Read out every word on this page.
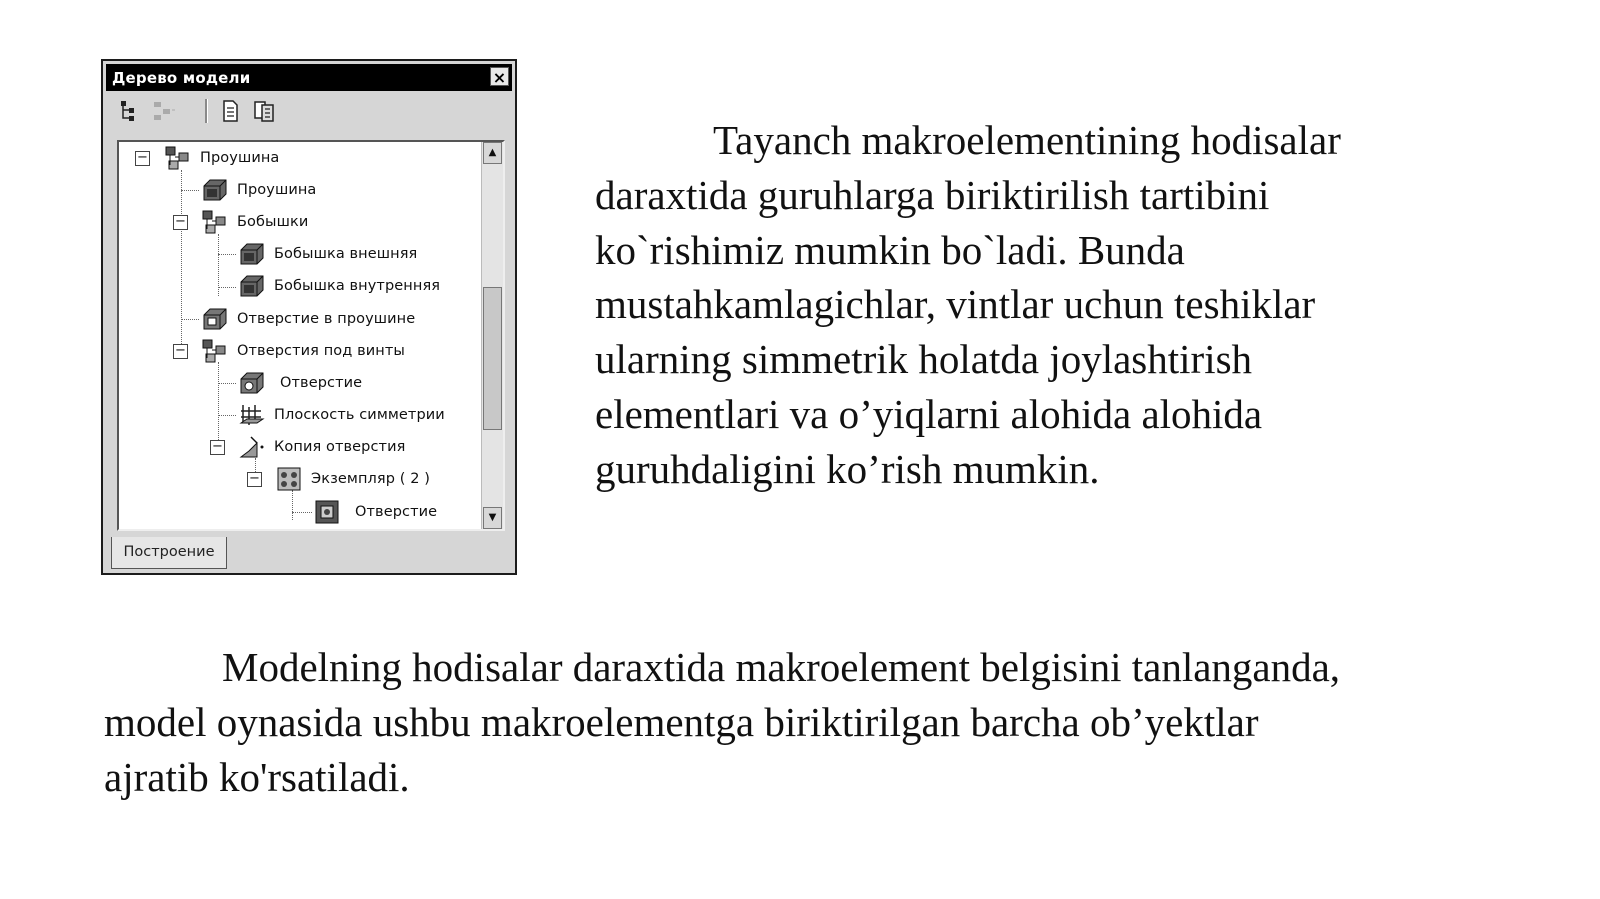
Дерево модели	×
−
−
−
−
−
Проушина
Проушина
Бобышки
Бобышка внешняя
Бобышка внутренняя
Отверстие в проушине
Отверстия под винты
Отверстие
Плоскость симметрии
Копия отверстия
Экземпляр ( 2 )
Отверстие
▲
▼
Построение

Tayanch makroelementining hodisalar
daraxtida guruhlarga biriktirilish tartibini
ko`rishimiz mumkin bo`ladi. Bunda
mustahkamlagichlar, vintlar uchun teshiklar
ularning simmetrik holatda joylashtirish
elementlari va o’yiqlarni alohida alohida
guruhdaligini ko’rish mumkin.

Modelning hodisalar daraxtida makroelement belgisini tanlanganda,
model oynasida ushbu makroelementga biriktirilgan barcha ob’yektlar
ajratib ko'rsatiladi.
